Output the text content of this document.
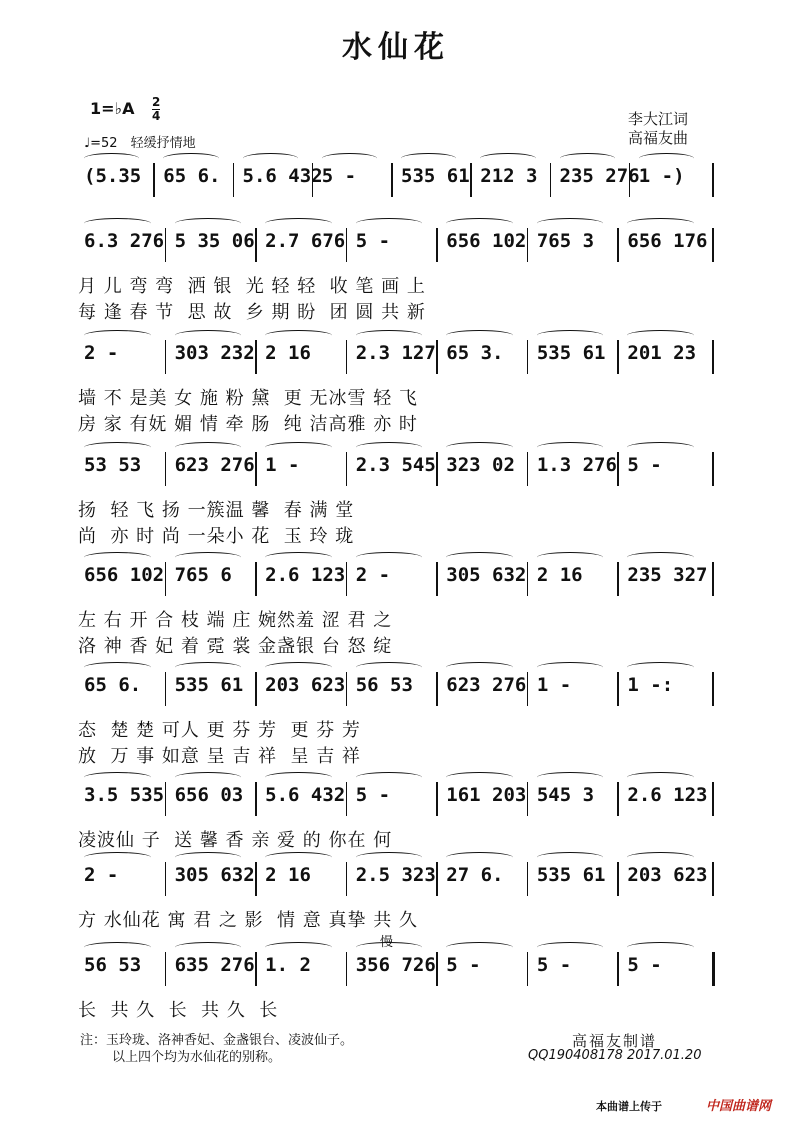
水仙花
1=♭A $\frac{2}{4}$
♩=52　轻缓抒情地
李大江词
高福友曲
(5.35 65 6. 5.6 432 5 - 535 61 212 3 235 276 1 -)
6.3 276 5 35 06 2.7 676 5 -	656 102 765 3 656 176
月 儿 弯 弯  洒 银  光 轻 轻  收 笔 画 上
每 逢 春 节  思 故  乡 期 盼  团 圆 共 新
2 -	303 232 2 16 2.3 127 65 3. 535 61 201 23
墙 不 是美 女 施 粉 黛  更 无冰雪 轻 飞
房 家 有妩 媚 情 牵 肠  纯 洁高雅 亦 时
53 53 623 276 1 -	2.3 545 323 02 1.3 276 5 -
扬  轻 飞 扬 一簇温 馨  春 满 堂
尚  亦 时 尚 一朵小 花  玉 玲 珑
656 102 765 6 2.6 123 2 -	305 632 2 16 235 327
左 右 开 合 枝 端 庄 婉然羞 涩 君 之
洛 神 香 妃 着 霓 裳 金盏银 台 怒 绽
65 6. 535 61 203 623 56 53 623 276 1 -	1 -:
态  楚 楚 可人 更 芬 芳  更 芬 芳
放  万 事 如意 呈 吉 祥  呈 吉 祥
3.5 535 656 03 5.6 432 5 -	161 203 545 3 2.6 123
凌波仙 子  送 馨 香 亲 爱 的 你在 何
2 -	305 632 2 16 2.5 323 27 6. 535 61 203 623
方 水仙花 寓 君 之 影  情 意 真挚 共 久
56 53 635 276 1. 2 356 726 5 -	5 -	5 -
长  共 久  长  共 久  长
慢
注：玉玲珑、洛神香妃、金盏银台、凌波仙子。
以上四个均为水仙花的别称。
高福友制谱
QQ190408178 2017.01.20
本曲谱上传于	中国曲谱网
